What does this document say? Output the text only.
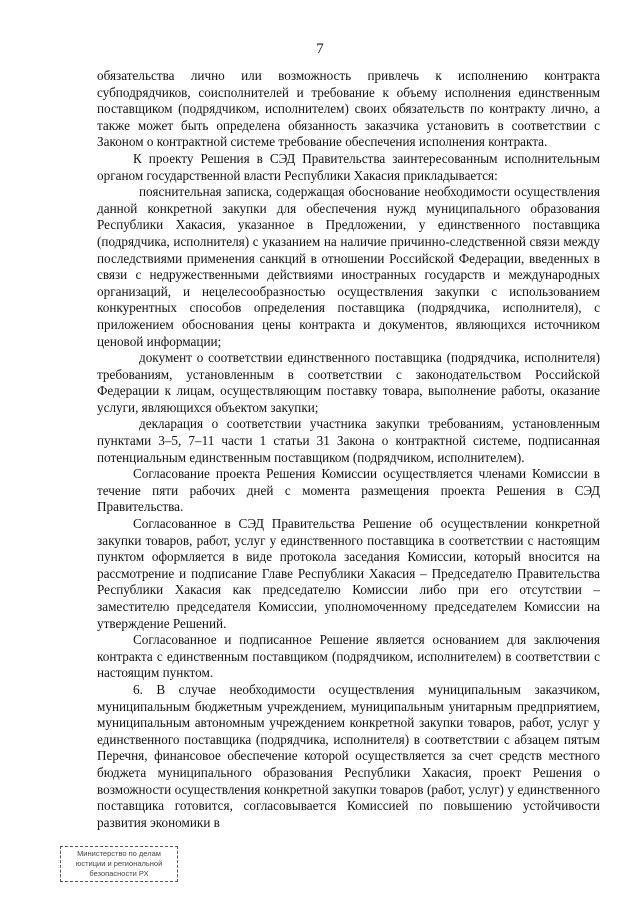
7

обязательства лично или возможность привлечь к исполнению контракта субподрядчиков, соисполнителей и требование к объему исполнения единственным поставщиком (подрядчиком, исполнителем) своих обязательств по контракту лично, а также может быть определена обязанность заказчика установить в соответствии с Законом о контрактной системе требование обеспечения исполнения контракта.

К проекту Решения в СЭД Правительства заинтересованным исполнительным органом государственной власти Республики Хакасия прикладывается:

пояснительная записка, содержащая обоснование необходимости осуществления данной конкретной закупки для обеспечения нужд муниципального образования Республики Хакасия, указанное в Предложении, у единственного поставщика (подрядчика, исполнителя) с указанием на наличие причинно-следственной связи между последствиями применения санкций в отношении Российской Федерации, введенных в связи с недружественными действиями иностранных государств и международных организаций, и нецелесообразностью осуществления закупки с использованием конкурентных способов определения поставщика (подрядчика, исполнителя), с приложением обоснования цены контракта и документов, являющихся источником ценовой информации;

документ о соответствии единственного поставщика (подрядчика, исполнителя) требованиям, установленным в соответствии с законодательством Российской Федерации к лицам, осуществляющим поставку товара, выполнение работы, оказание услуги, являющихся объектом закупки;

декларация о соответствии участника закупки требованиям, установленным пунктами 3–5, 7–11 части 1 статьи 31 Закона о контрактной системе, подписанная потенциальным единственным поставщиком (подрядчиком, исполнителем).

Согласование проекта Решения Комиссии осуществляется членами Комиссии в течение пяти рабочих дней с момента размещения проекта Решения в СЭД Правительства.

Согласованное в СЭД Правительства Решение об осуществлении конкретной закупки товаров, работ, услуг у единственного поставщика в соответствии с настоящим пунктом оформляется в виде протокола заседания Комиссии, который вносится на рассмотрение и подписание Главе Республики Хакасия – Председателю Правительства Республики Хакасия как председателю Комиссии либо при его отсутствии – заместителю председателя Комиссии, уполномоченному председателем Комиссии на утверждение Решений.

Согласованное и подписанное Решение является основанием для заключения контракта с единственным поставщиком (подрядчиком, исполнителем) в соответствии с настоящим пунктом.

6. В случае необходимости осуществления муниципальным заказчиком, муниципальным бюджетным учреждением, муниципальным унитарным предприятием, муниципальным автономным учреждением конкретной закупки товаров, работ, услуг у единственного поставщика (подрядчика, исполнителя) в соответствии с абзацем пятым Перечня, финансовое обеспечение которой осуществляется за счет средств местного бюджета муниципального образования Республики Хакасия, проект Решения о возможности осуществления конкретной закупки товаров (работ, услуг) у единственного поставщика готовится, согласовывается Комиссией по повышению устойчивости развития экономики в

Министерство по делам
юстиции и региональной
безопасности РХ
